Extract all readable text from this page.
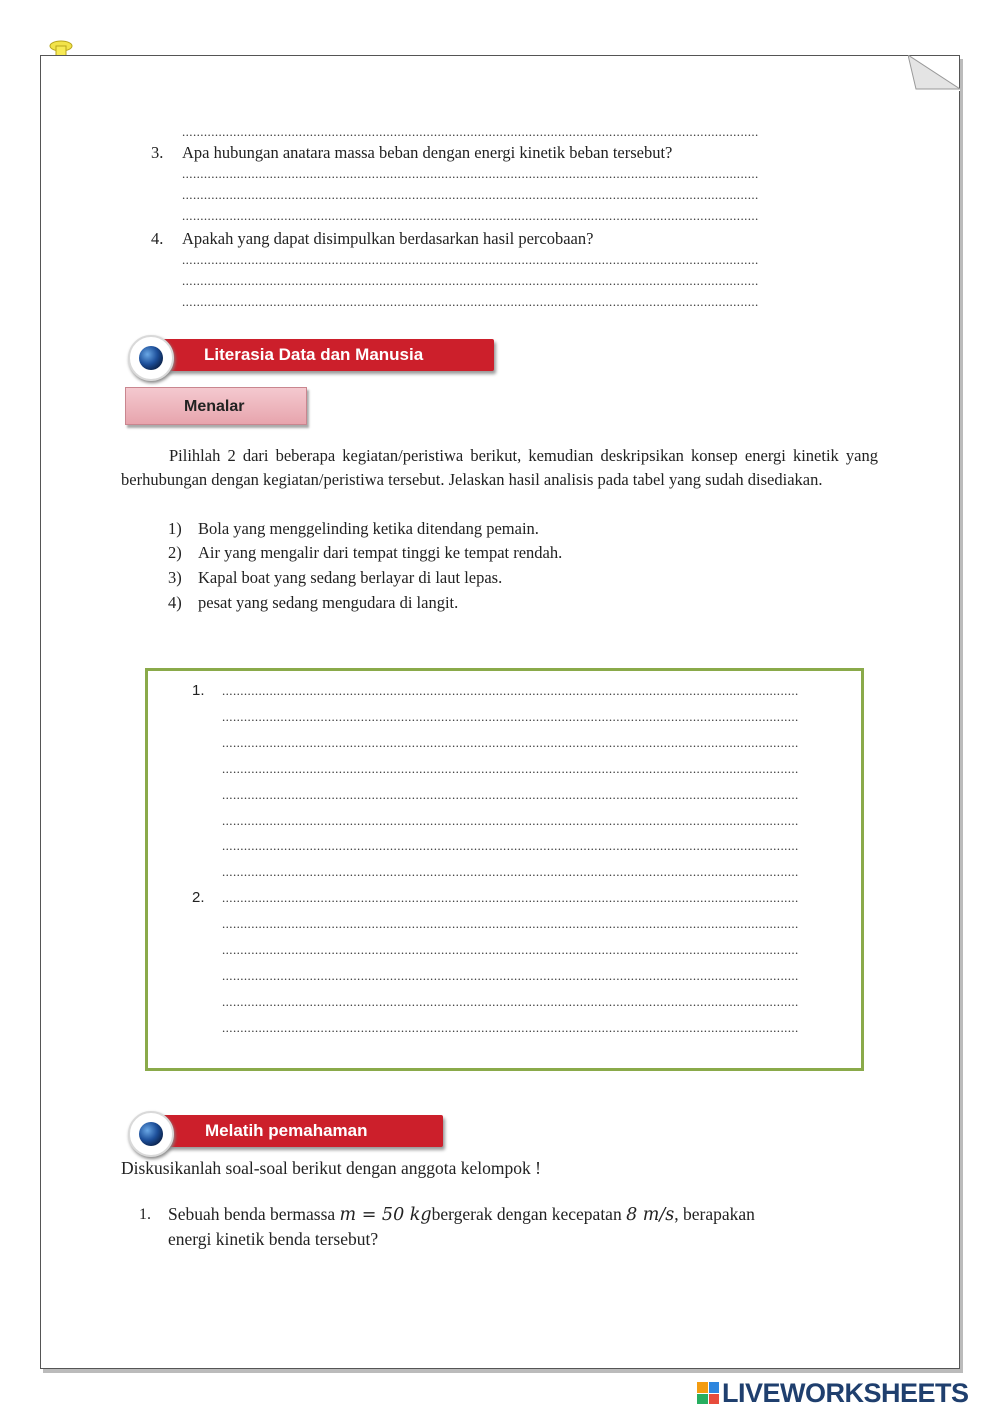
..............................................................................................................................................................
3. Apa hubungan anatara massa beban dengan energi kinetik beban tersebut?
..............................................................................................................................................................
..............................................................................................................................................................
..............................................................................................................................................................
4. Apakah yang dapat disimpulkan berdasarkan hasil percobaan?
..............................................................................................................................................................
..............................................................................................................................................................
..............................................................................................................................................................
Literasia Data dan Manusia
Menalar
Pilihlah 2 dari beberapa kegiatan/peristiwa berikut, kemudian deskripsikan konsep energi kinetik yang berhubungan dengan kegiatan/peristiwa tersebut. Jelaskan hasil analisis pada tabel yang sudah disediakan.
1) Bola yang menggelinding ketika ditendang pemain.
2) Air yang mengalir dari tempat tinggi ke tempat rendah.
3) Kapal boat yang sedang berlayar di laut lepas.
4) pesat yang sedang mengudara di langit.
1. ..............................................................................................................................................................
..............................................................................................................................................................
..............................................................................................................................................................
..............................................................................................................................................................
..............................................................................................................................................................
..............................................................................................................................................................
..............................................................................................................................................................
..............................................................................................................................................................
2. ..............................................................................................................................................................
..............................................................................................................................................................
..............................................................................................................................................................
..............................................................................................................................................................
..............................................................................................................................................................
..............................................................................................................................................................
Melatih pemahaman
Diskusikanlah soal-soal berikut dengan anggota kelompok !
1. Sebuah benda bermassa m = 50 kgbergerak dengan kecepatan 8 m/s, berapakan
energi kinetik benda tersebut?
LIVEWORKSHEETS
